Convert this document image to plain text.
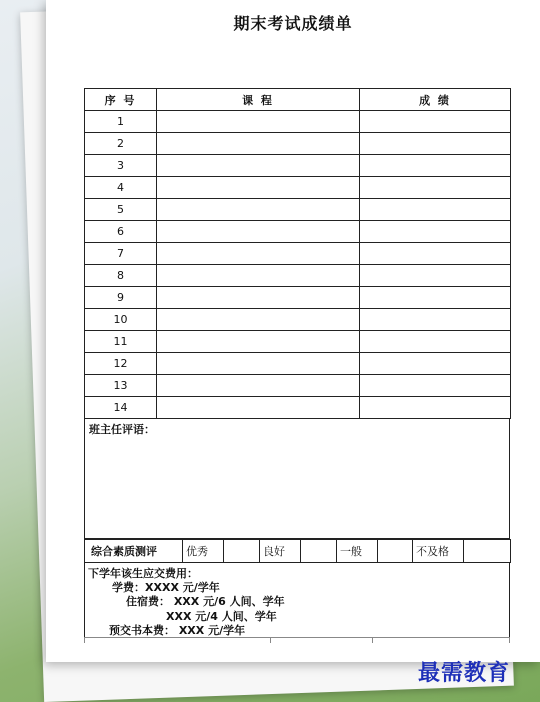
期末考试成绩单
序 号	课 程	成 绩
1		
2		
3		
4		
5		
6		
7		
8		
9		
10		
11		
12		
13		
14		
班主任评语：
综合素质测评	优秀		良好		一般		不及格	
下学年该生应交费用：
学费：XXXX 元/学年
住宿费： XXX 元/6 人间、学年
XXX 元/4 人间、学年
预交书本费： XXX 元/学年
最需教育
